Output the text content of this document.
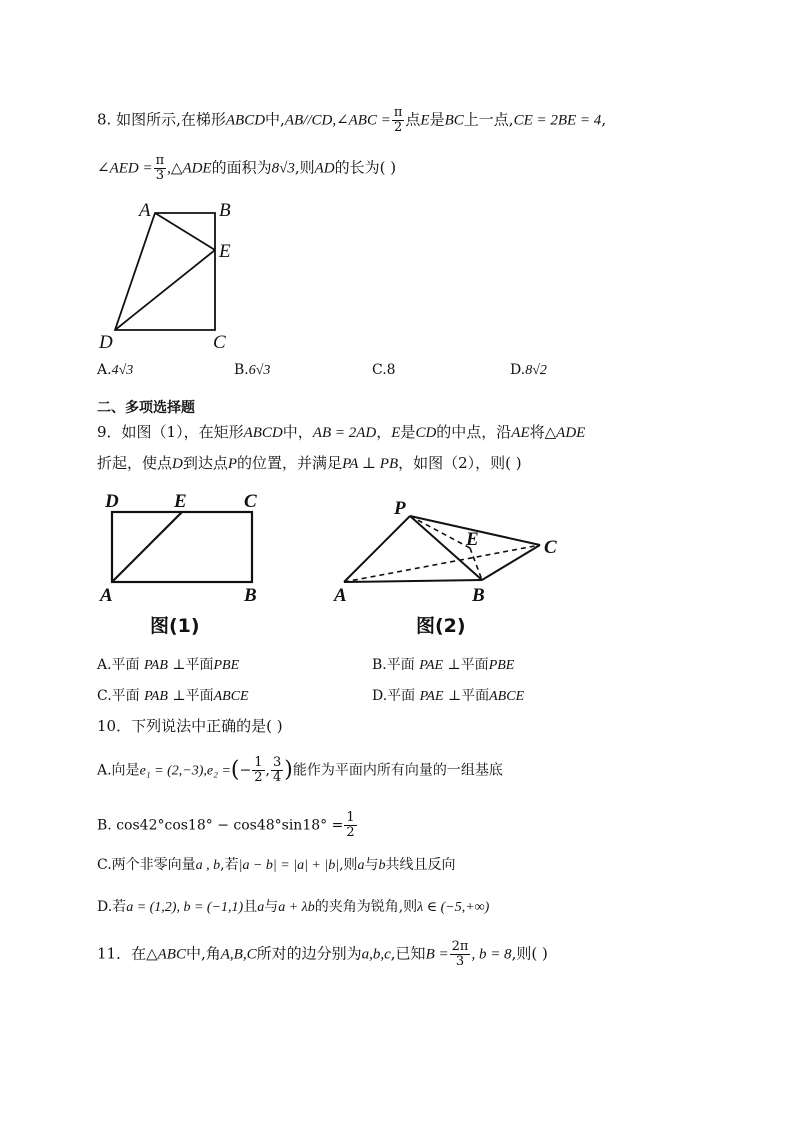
8. 如图所示,在梯形ABCD中,AB//CD,∠ABC = $\frac{\pi}{2}$ 点E是BC上一点,CE = 2BE = 4,
∠AED = $\frac{\pi}{3}$ ,△ADE的面积为8√3,则AD的长为( )
A	B
E
D	C
A.4√3	B.6√3	C.8	D.8√2
二、多项选择题
9．如图（1），在矩形ABCD中，AB = 2AD，E是CD的中点，沿AE将△ADE
折起，使点D到达点P的位置，并满足PA ⊥ PB，如图（2），则( )
D	E	C
A	B
图(1)
P
E	C
A	B
图(2)
A.平面 PAB ⊥平面PBE	B.平面 PAE ⊥平面PBE
C.平面 PAB ⊥平面ABCE	D.平面 PAE ⊥平面ABCE
10．下列说法中正确的是( )
A.向是e₁ = (2,−3),e₂ =(− $\frac{1}{2}$ , $\frac{3}{4}$ )能作为平面内所有向量的一组基底
B. $\cos 42^\circ\cos 18^\circ - \cos 48^\circ\sin 18^\circ = \frac{1}{2}$
C.两个非零向量a , b,若|a − b| = |a| + |b|,则a与b共线且反向
D.若a = (1,2), b = (−1,1)且a与a + λb的夹角为锐角,则λ ∈ (−5,+∞)
11．在△ABC中,角A,B,C所对的边分别为a,b,c,已知$B = \frac{2\pi}{3}$ , b = 8,则( )
